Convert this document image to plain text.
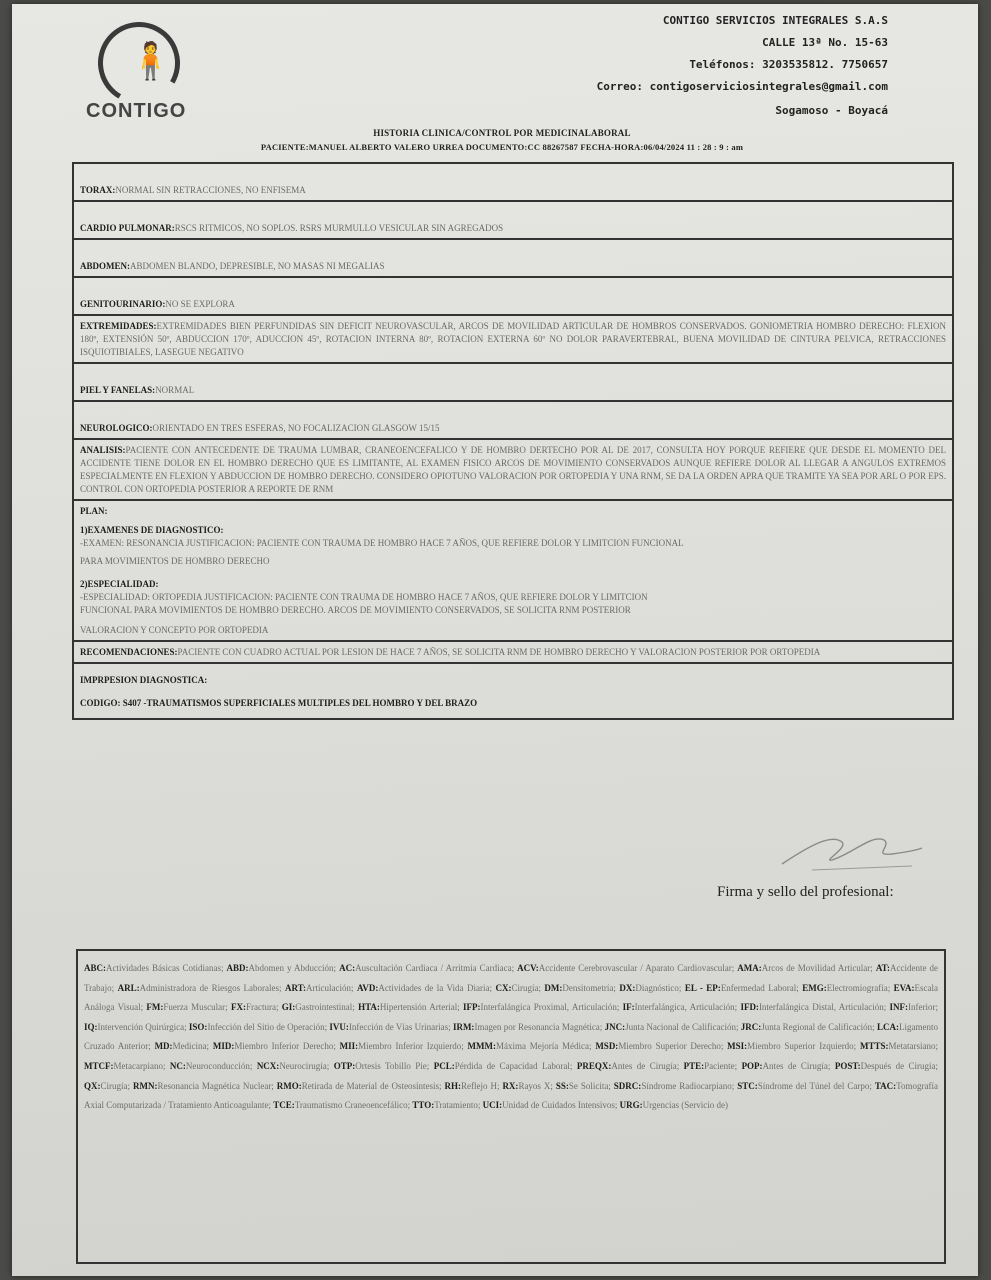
🧍
CONTIGO
CONTIGO SERVICIOS INTEGRALES S.A.S
CALLE 13ª No. 15-63
Teléfonos: 3203535812. 7750657
Correo: contigoserviciosintegrales@gmail.com
Sogamoso - Boyacá
HISTORIA CLINICA/CONTROL POR MEDICINALABORAL
PACIENTE:MANUEL ALBERTO VALERO URREA DOCUMENTO:CC 88267587 FECHA-HORA:06/04/2024 11 : 28 : 9 : am
TORAX:NORMAL SIN RETRACCIONES, NO ENFISEMA
CARDIO PULMONAR:RSCS RITMICOS, NO SOPLOS. RSRS MURMULLO VESICULAR SIN AGREGADOS
ABDOMEN:ABDOMEN BLANDO, DEPRESIBLE, NO MASAS NI MEGALIAS
GENITOURINARIO:NO SE EXPLORA
EXTREMIDADES:EXTREMIDADES BIEN PERFUNDIDAS SIN DEFICIT NEUROVASCULAR, ARCOS DE MOVILIDAD ARTICULAR DE HOMBROS CONSERVADOS. GONIOMETRIA HOMBRO DERECHO: FLEXION 180º, EXTENSIÓN 50º, ABDUCCION 170º, ADUCCION 45º, ROTACION INTERNA 80º, ROTACION EXTERNA 60º NO DOLOR PARAVERTEBRAL, BUENA MOVILIDAD DE CINTURA PELVICA, RETRACCIONES ISQUIOTIBIALES, LASEGUE NEGATIVO
PIEL Y FANELAS:NORMAL
NEUROLOGICO:ORIENTADO EN TRES ESFERAS, NO FOCALIZACION GLASGOW 15/15
ANALISIS:PACIENTE CON ANTECEDENTE DE TRAUMA LUMBAR, CRANEOENCEFALICO Y DE HOMBRO DERTECHO POR AL DE 2017, CONSULTA HOY PORQUE REFIERE QUE DESDE EL MOMENTO DEL ACCIDENTE TIENE DOLOR EN EL HOMBRO DERECHO QUE ES LIMITANTE, AL EXAMEN FISICO ARCOS DE MOVIMIENTO CONSERVADOS AUNQUE REFIERE DOLOR AL LLEGAR A ANGULOS EXTREMOS ESPECIALMENTE EN FLEXION Y ABDUCCION DE HOMBRO DERECHO. CONSIDERO OPIOTUNO VALORACION POR ORTOPEDIA Y UNA RNM, SE DA LA ORDEN APRA QUE TRAMITE YA SEA POR ARL O POR EPS. CONTROL CON ORTOPEDIA POSTERIOR A REPORTE DE RNM
PLAN:
1)EXAMENES DE DIAGNOSTICO:
-EXAMEN: RESONANCIA JUSTIFICACION: PACIENTE CON TRAUMA DE HOMBRO HACE 7 AÑOS, QUE REFIERE DOLOR Y LIMITCION FUNCIONAL
PARA MOVIMIENTOS DE HOMBRO DERECHO
2)ESPECIALIDAD:
-ESPECIALIDAD: ORTOPEDIA JUSTIFICACION: PACIENTE CON TRAUMA DE HOMBRO HACE 7 AÑOS, QUE REFIERE DOLOR Y LIMITCION
FUNCIONAL PARA MOVIMIENTOS DE HOMBRO DERECHO. ARCOS DE MOVIMIENTO CONSERVADOS, SE SOLICITA RNM POSTERIOR
VALORACION Y CONCEPTO POR ORTOPEDIA
RECOMENDACIONES:PACIENTE CON CUADRO ACTUAL POR LESION DE HACE 7 AÑOS, SE SOLICITA RNM DE HOMBRO DERECHO Y VALORACION POSTERIOR POR ORTOPEDIA
IMPRPESION DIAGNOSTICA:
CODIGO: S407 -TRAUMATISMOS SUPERFICIALES MULTIPLES DEL HOMBRO Y DEL BRAZO
Firma y sello del profesional:
ABC:Actividades Básicas Cotidianas; ABD:Abdomen y Abducción; AC:Auscultación Cardiaca / Arritmia Cardiaca; ACV:Accidente Cerebrovascular / Aparato Cardiovascular; AMA:Arcos de Movilidad Articular; AT:Accidente de Trabajo; ARL:Administradora de Riesgos Laborales; ART:Articulación; AVD:Actividades de la Vida Diaria; CX:Cirugía; DM:Densitometría; DX:Diagnóstico; EL - EP:Enfermedad Laboral; EMG:Electromiografía; EVA:Escala Análoga Visual; FM:Fuerza Muscular; FX:Fractura; GI:Gastrointestinal; HTA:Hipertensión Arterial; IFP:Interfalángica Proximal, Articulación; IF:Interfalángica, Articulación; IFD:Interfalángica Distal, Articulación; INF:Inferior; IQ:Intervención Quirúrgica; ISO:Infección del Sitio de Operación; IVU:Infección de Vías Urinarias; IRM:Imagen por Resonancia Magnética; JNC:Junta Nacional de Calificación; JRC:Junta Regional de Calificación; LCA:Ligamento Cruzado Anterior; MD:Medicina; MID:Miembro Inferior Derecho; MII:Miembro Inferior Izquierdo; MMM:Máxima Mejoría Médica; MSD:Miembro Superior Derecho; MSI:Miembro Superior Izquierdo; MTTS:Metatarsiano; MTCF:Metacarpiano; NC:Neuroconducción; NCX:Neurocirugía; OTP:Ortesis Tobillo Pie; PCL:Pérdida de Capacidad Laboral; PREQX:Antes de Cirugía; PTE:Paciente; POP:Antes de Cirugía; POST:Después de Cirugía; QX:Cirugía; RMN:Resonancia Magnética Nuclear; RMO:Retirada de Material de Osteosíntesis; RH:Reflejo H; RX:Rayos X; SS:Se Solicita; SDRC:Síndrome Radiocarpiano; STC:Síndrome del Túnel del Carpo; TAC:Tomografía Axial Computarizada / Tratamiento Anticoagulante; TCE:Traumatismo Craneoencefálico; TTO:Tratamiento; UCI:Unidad de Cuidados Intensivos; URG:Urgencias (Servicio de)
